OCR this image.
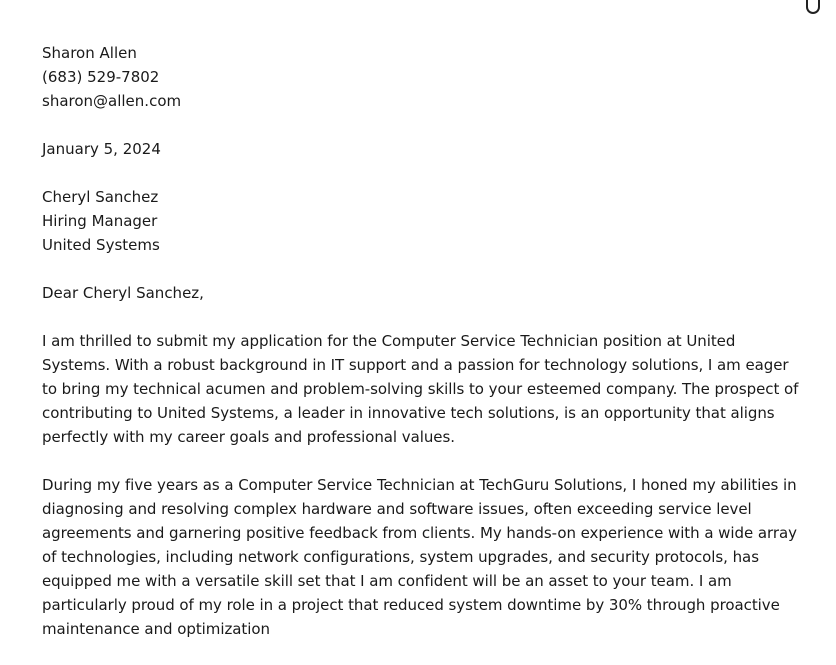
Sharon Allen

(683) 529-7802

sharon@allen.com

January 5, 2024

Cheryl Sanchez

Hiring Manager

United Systems

Dear Cheryl Sanchez,

I am thrilled to submit my application for the Computer Service Technician position at United Systems. With a robust background in IT support and a passion for technology solutions, I am eager to bring my technical acumen and problem-solving skills to your esteemed company. The prospect of contributing to United Systems, a leader in innovative tech solutions, is an opportunity that aligns perfectly with my career goals and professional values.

During my five years as a Computer Service Technician at TechGuru Solutions, I honed my abilities in diagnosing and resolving complex hardware and software issues, often exceeding service level agreements and garnering positive feedback from clients. My hands-on experience with a wide array of technologies, including network configurations, system upgrades, and security protocols, has equipped me with a versatile skill set that I am confident will be an asset to your team. I am particularly proud of my role in a project that reduced system downtime by 30% through proactive maintenance and optimization
